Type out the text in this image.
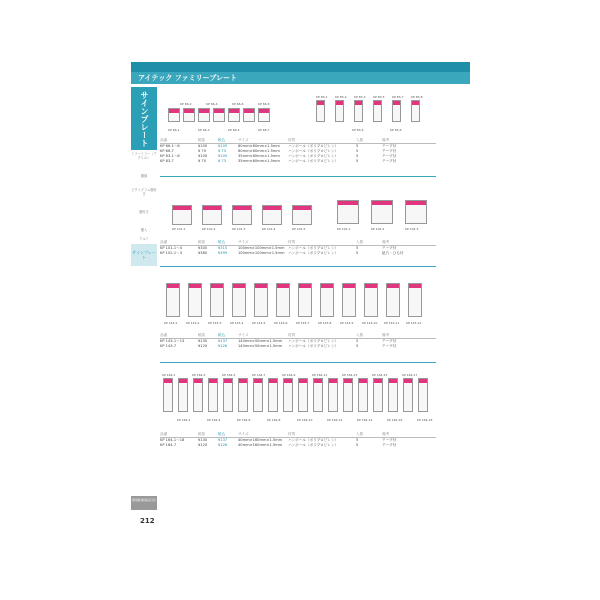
アイテック ファミリープレート
サインプレート
ミラーミラー（アクリル）
額縁
ピクトグラム額付き
額付き
額入
アルミ
サインプレート
環境配慮商品目次
212
品番	税抜	税込	サイズ	材質	入数	備考
KP 66-1～6	¥100	¥105	60mm×60mm×1.5mm ハンボール（ポリプロピレン）	5	テープ付
KP 66-7	¥ 70	¥ 73	60mm×60mm×1.5mm ハンボール（ポリプロピレン）	5	テープ付
KP 83-1～6	¥100	¥105	35mm×60mm×1.5mm ハンボール（ポリプロピレン）	5	テープ付
KP 83-7	¥ 70	¥ 73	35mm×60mm×1.5mm ハンボール（ポリプロピレン）	5	テープ付
品番	税抜	税込	サイズ	材質	入数	備考
KP 101-1～4	¥300	¥315	100mm×100mm×1.5mm ハンボール（ポリプロピレン）	5	テープ付
KP 102-1～3	¥380	¥399	100mm×100mm×1.5mm ハンボール（ポリプロピレン）	5	紐穴・ひも付
品番	税抜	税込	サイズ	材質	入数	備考
KP 143-1～13	¥130	¥137	140mm×50mm×1.5mm ハンボール（ポリプロピレン）	5	テープ付
KP 143-7	¥120	¥126	140mm×50mm×1.5mm ハンボール（ポリプロピレン）	5	テープ付
品番	税抜	税込	サイズ	材質	入数	備考
KP 164-1～18	¥130	¥137	40mm×160mm×1.5mm ハンボール（ポリプロピレン）	5	テープ付
KP 164-7	¥120	¥126	40mm×160mm×1.5mm ハンボール（ポリプロピレン）	5	テープ付
KP 66-2	KP 66-4	KP 66-6	KP 66-8
KP 83-1 KP 83-2 KP 83-3 KP 83-5 KP 83-7 KP 83-8
KP 66-1	KP 66-3	KP 66-5	KP 66-7	KP 83-4	KP 83-6
KP 101-1	KP 101-2	KP 101-3	KP 101-4	KP 101-5	KP 102-1	KP 102-2	KP 102-3
KP 143-1	KP 143-2	KP 143-3	KP 143-4	KP 143-5	KP 143-6	KP 143-7	KP 143-8	KP 143-9	KP 143-10 KP 143-11 KP 143-12
KP 164-1
KP 164-2
KP 164-3
KP 164-4
KP 164-5
KP 164-6
KP 164-7
KP 164-8
KP 164-9
KP 164-10
KP 164-11
KP 164-12
KP 164-13
KP 164-14
KP 164-15
KP 164-16
KP 164-17
KP 164-18
